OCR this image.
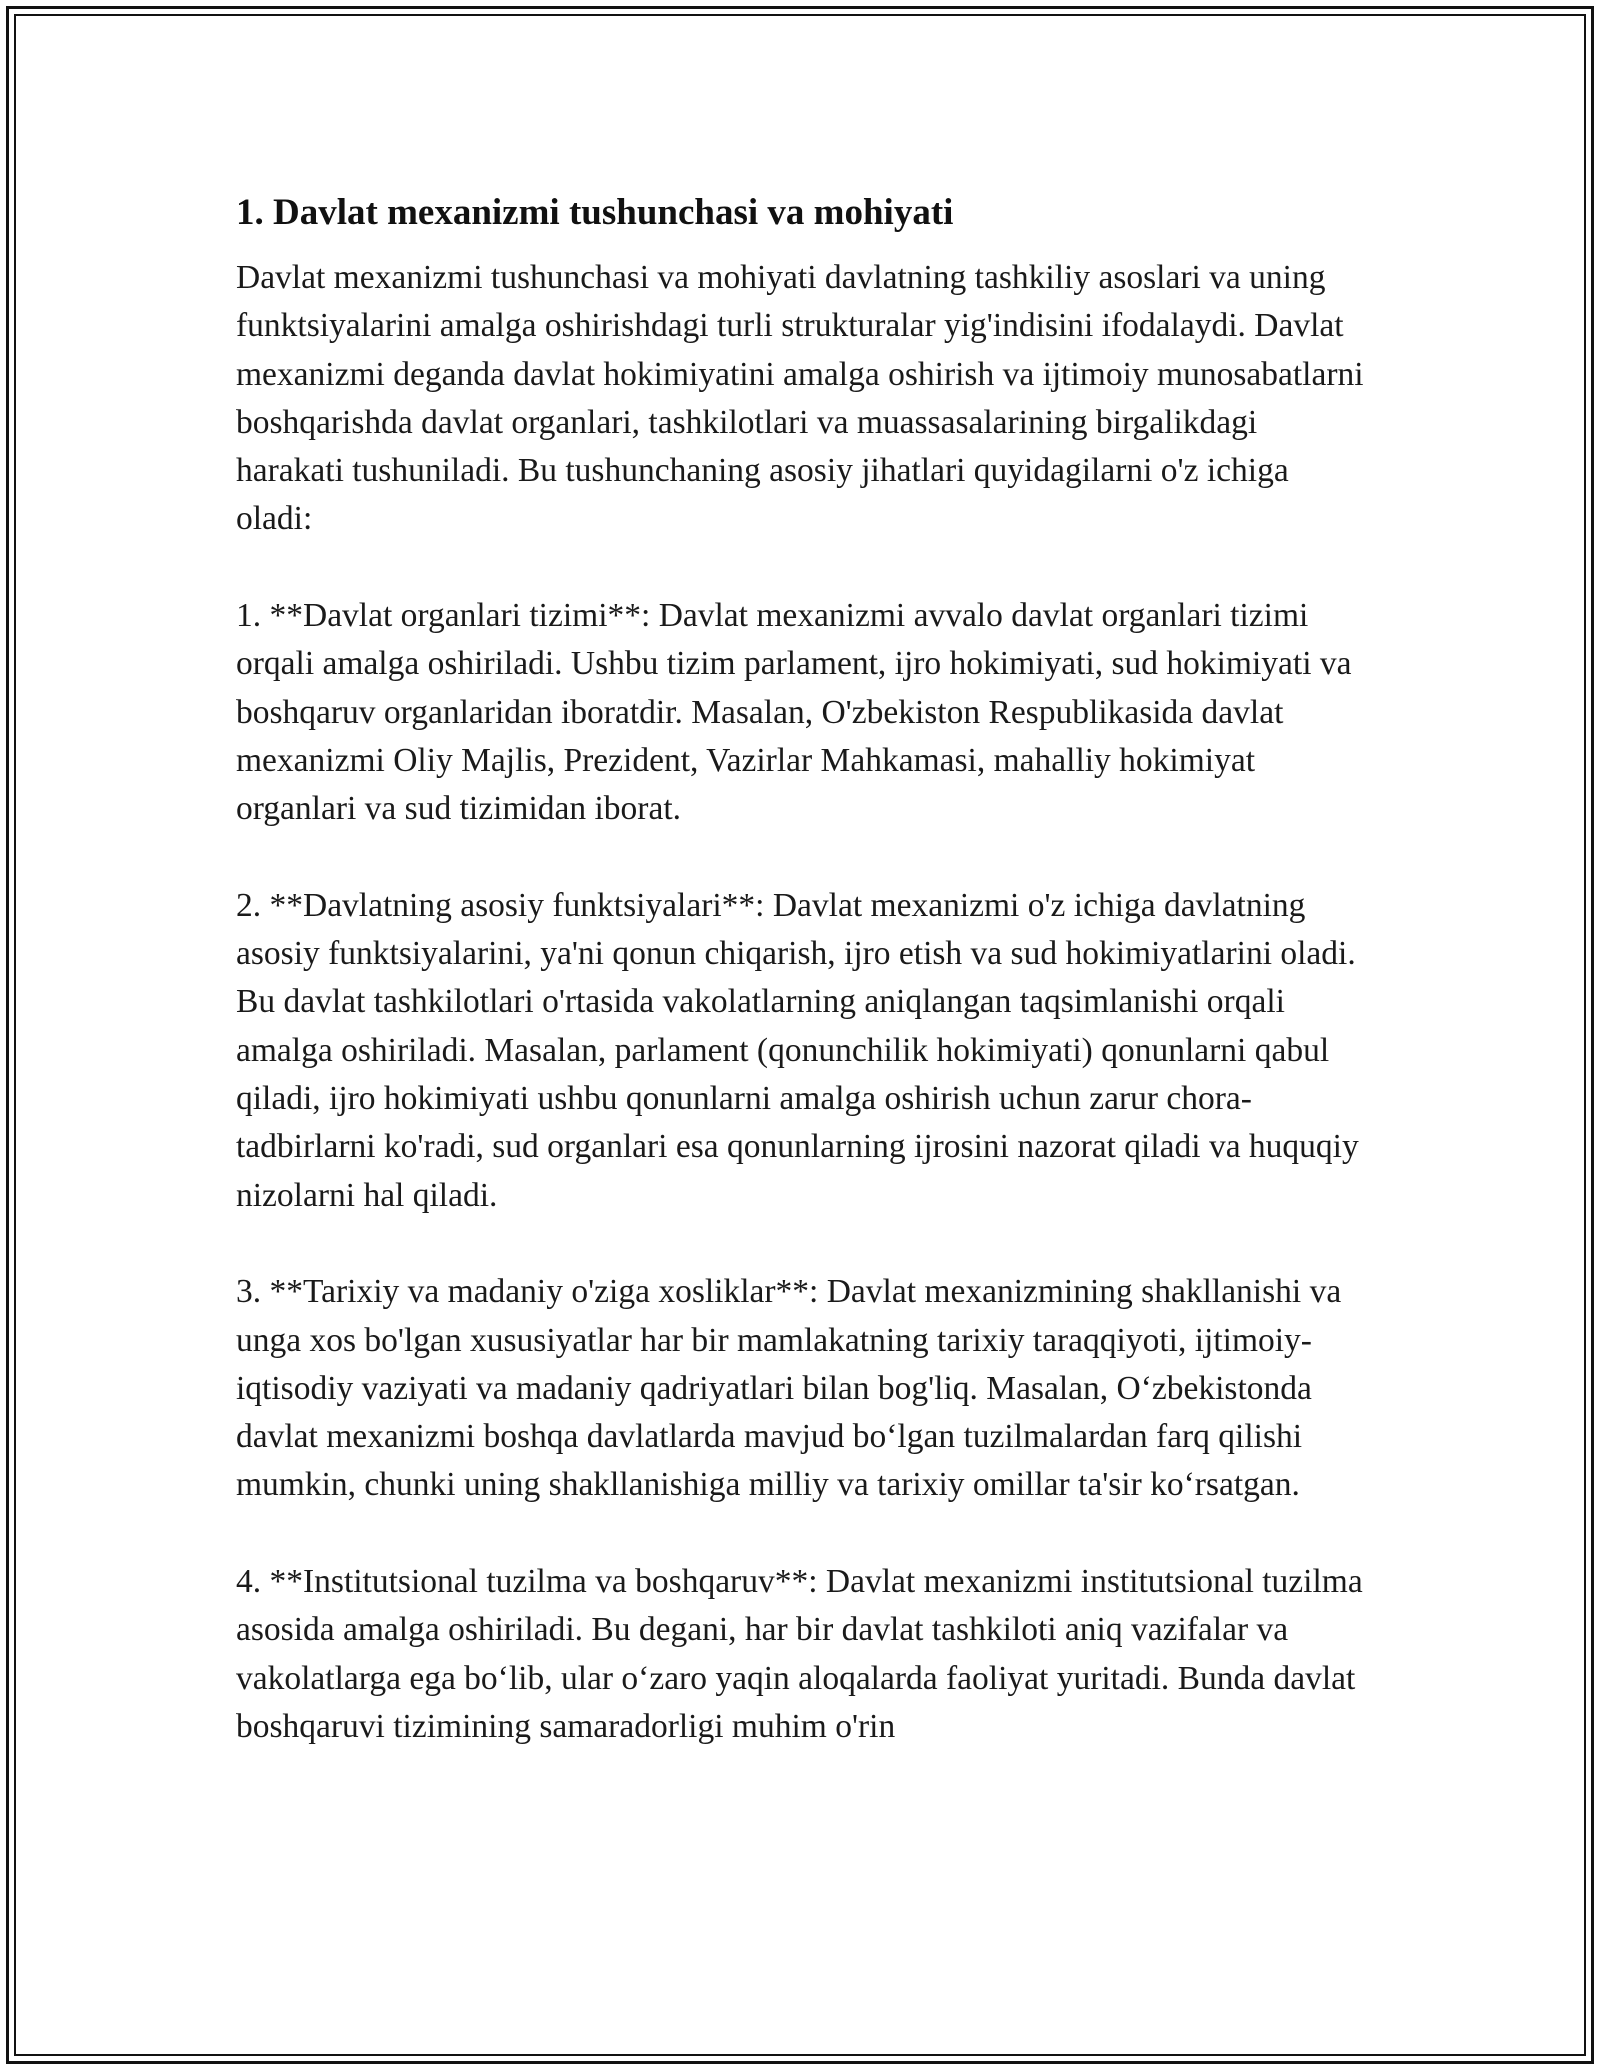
1. Davlat mexanizmi tushunchasi va mohiyati

Davlat mexanizmi tushunchasi va mohiyati davlatning tashkiliy asoslari va uning funktsiyalarini amalga oshirishdagi turli strukturalar yig'indisini ifodalaydi. Davlat mexanizmi deganda davlat hokimiyatini amalga oshirish va ijtimoiy munosabatlarni boshqarishda davlat organlari, tashkilotlari va muassasalarining birgalikdagi harakati tushuniladi. Bu tushunchaning asosiy jihatlari quyidagilarni o'z ichiga oladi:

1. **Davlat organlari tizimi**: Davlat mexanizmi avvalo davlat organlari tizimi orqali amalga oshiriladi. Ushbu tizim parlament, ijro hokimiyati, sud hokimiyati va boshqaruv organlaridan iboratdir. Masalan, O'zbekiston Respublikasida davlat mexanizmi Oliy Majlis, Prezident, Vazirlar Mahkamasi, mahalliy hokimiyat organlari va sud tizimidan iborat.

2. **Davlatning asosiy funktsiyalari**: Davlat mexanizmi o'z ichiga davlatning asosiy funktsiyalarini, ya'ni qonun chiqarish, ijro etish va sud hokimiyatlarini oladi. Bu davlat tashkilotlari o'rtasida vakolatlarning aniqlangan taqsimlanishi orqali amalga oshiriladi. Masalan, parlament (qonunchilik hokimiyati) qonunlarni qabul qiladi, ijro hokimiyati ushbu qonunlarni amalga oshirish uchun zarur chora-tadbirlarni ko'radi, sud organlari esa qonunlarning ijrosini nazorat qiladi va huquqiy nizolarni hal qiladi.

3. **Tarixiy va madaniy o'ziga xosliklar**: Davlat mexanizmining shakllanishi va unga xos bo'lgan xususiyatlar har bir mamlakatning tarixiy taraqqiyoti, ijtimoiy-iqtisodiy vaziyati va madaniy qadriyatlari bilan bog'liq. Masalan, O‘zbekistonda davlat mexanizmi boshqa davlatlarda mavjud bo‘lgan tuzilmalardan farq qilishi mumkin, chunki uning shakllanishiga milliy va tarixiy omillar ta'sir ko‘rsatgan.

4. **Institutsional tuzilma va boshqaruv**: Davlat mexanizmi institutsional tuzilma asosida amalga oshiriladi. Bu degani, har bir davlat tashkiloti aniq vazifalar va vakolatlarga ega bo‘lib, ular o‘zaro yaqin aloqalarda faoliyat yuritadi. Bunda davlat boshqaruvi tizimining samaradorligi muhim o'rin
